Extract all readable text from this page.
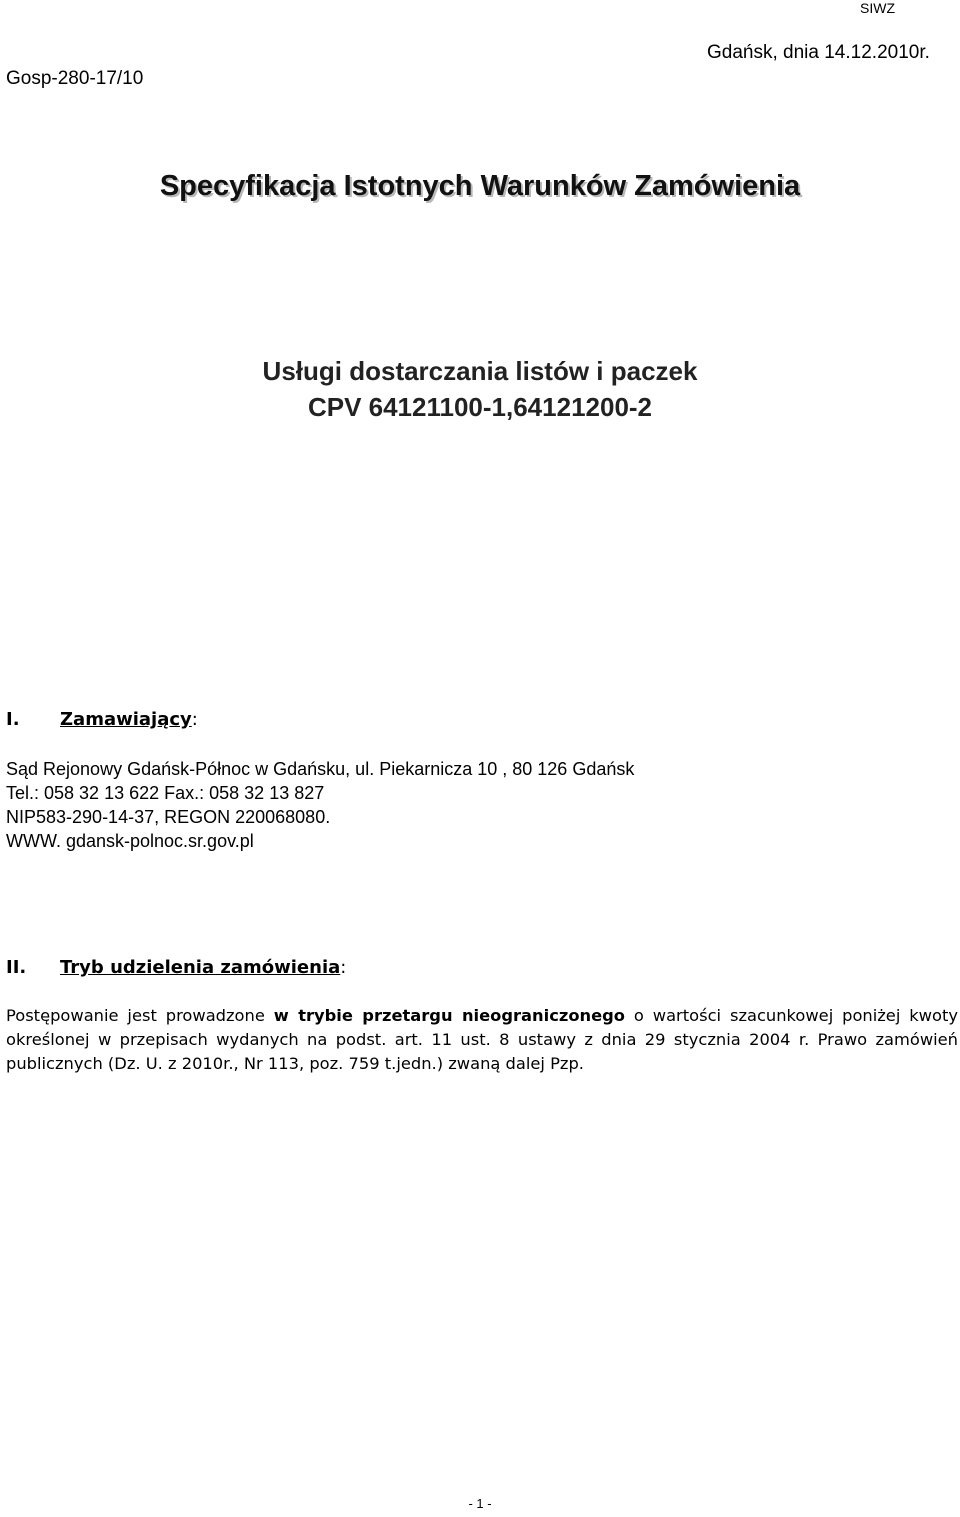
SIWZ
Gosp-280-17/10
Gdańsk, dnia 14.12.2010r.
Specyfikacja Istotnych Warunków Zamówienia
Usługi dostarczania listów i paczek
CPV 64121100-1,64121200-2
I. Zamawiający:
Sąd Rejonowy Gdańsk-Północ w Gdańsku, ul. Piekarnicza 10 , 80 126 Gdańsk
Tel.: 058 32 13 622 Fax.: 058 32 13 827
NIP583-290-14-37, REGON 220068080.
WWW. gdansk-polnoc.sr.gov.pl
II. Tryb udzielenia zamówienia:
Postępowanie jest prowadzone w trybie przetargu nieograniczonego o wartości szacunkowej poniżej kwoty określonej w przepisach wydanych na podst. art. 11 ust. 8 ustawy z dnia 29 stycznia 2004 r. Prawo zamówień publicznych (Dz. U. z 2010r., Nr 113, poz. 759 t.jedn.) zwaną dalej Pzp.
- 1 -
